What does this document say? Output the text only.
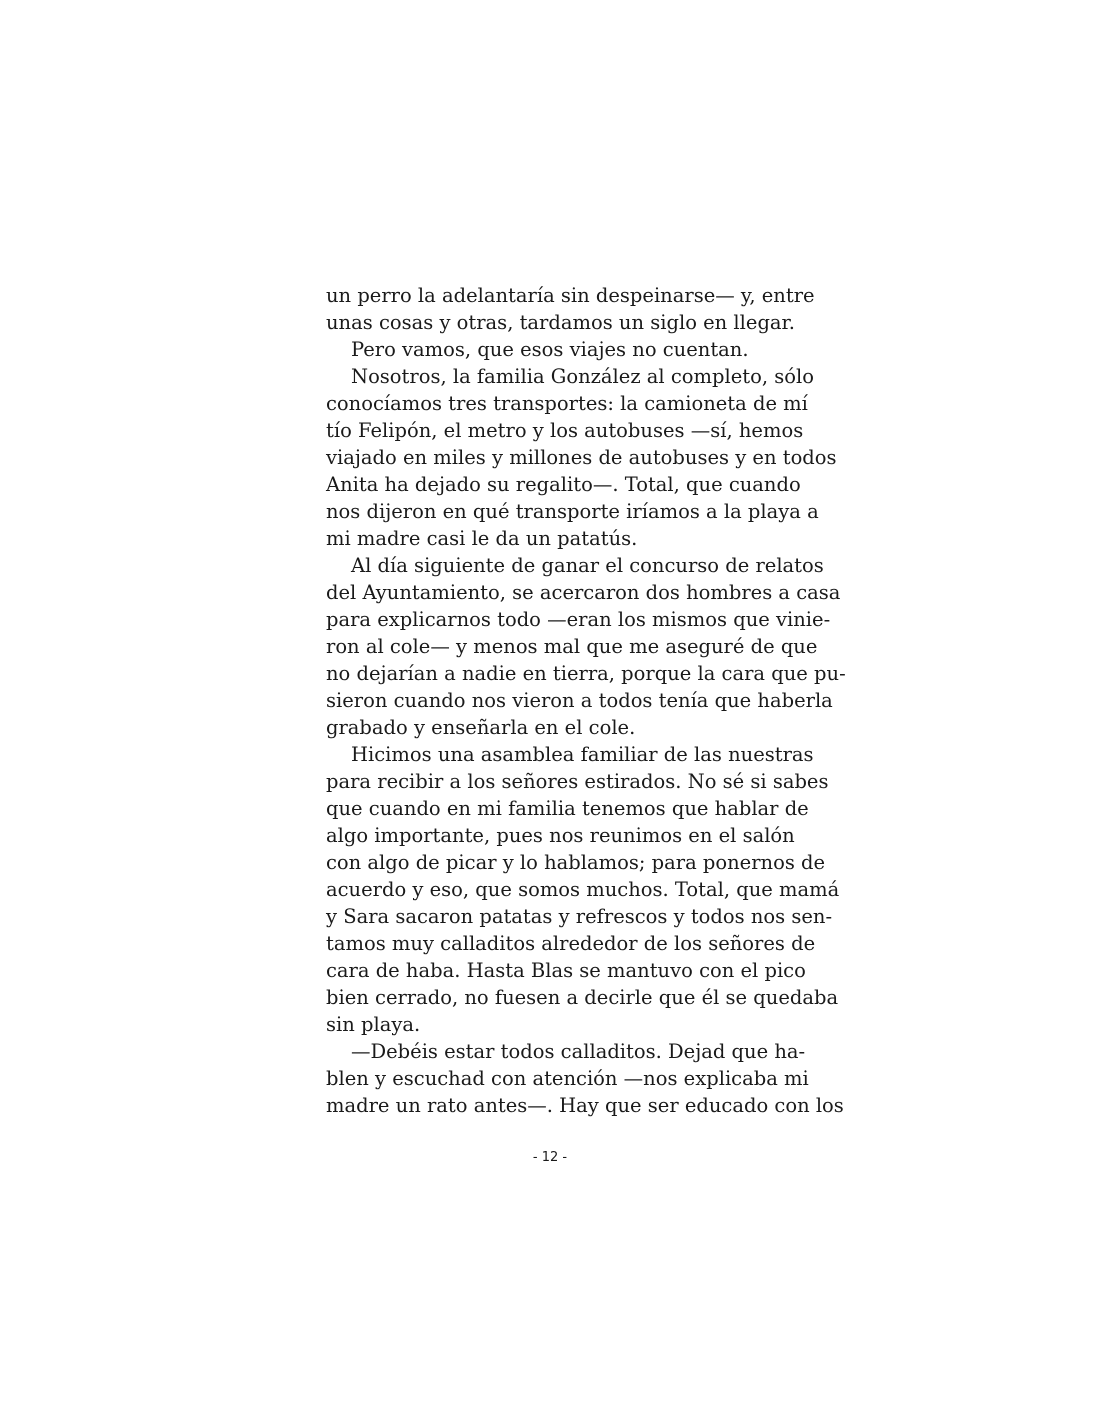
un perro la adelantaría sin despeinarse— y, entre
unas cosas y otras, tardamos un siglo en llegar.
Pero vamos, que esos viajes no cuentan.
Nosotros, la familia González al completo, sólo
conocíamos tres transportes: la camioneta de mí
tío Felipón, el metro y los autobuses —sí, hemos
viajado en miles y millones de autobuses y en todos
Anita ha dejado su regalito—. Total, que cuando
nos dijeron en qué transporte iríamos a la playa a
mi madre casi le da un patatús.
Al día siguiente de ganar el concurso de relatos
del Ayuntamiento, se acercaron dos hombres a casa
para explicarnos todo —eran los mismos que vinie-
ron al cole— y menos mal que me aseguré de que
no dejarían a nadie en tierra, porque la cara que pu-
sieron cuando nos vieron a todos tenía que haberla
grabado y enseñarla en el cole.
Hicimos una asamblea familiar de las nuestras
para recibir a los señores estirados. No sé si sabes
que cuando en mi familia tenemos que hablar de
algo importante, pues nos reunimos en el salón
con algo de picar y lo hablamos; para ponernos de
acuerdo y eso, que somos muchos. Total, que mamá
y Sara sacaron patatas y refrescos y todos nos sen-
tamos muy calladitos alrededor de los señores de
cara de haba. Hasta Blas se mantuvo con el pico
bien cerrado, no fuesen a decirle que él se quedaba
sin playa.
—Debéis estar todos calladitos. Dejad que ha-
blen y escuchad con atención —nos explicaba mi
madre un rato antes—. Hay que ser educado con los
- 12 -
